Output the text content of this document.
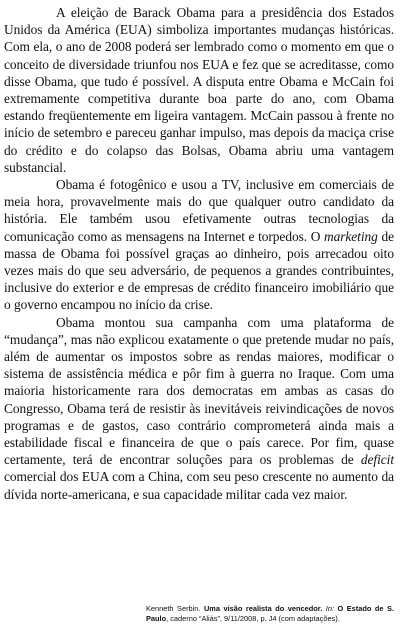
A eleição de Barack Obama para a presidência dos Estados Unidos da América (EUA) simboliza importantes mudanças históricas. Com ela, o ano de 2008 poderá ser lembrado como o momento em que o conceito de diversidade triunfou nos EUA e fez que se acreditasse, como disse Obama, que tudo é possível. A disputa entre Obama e McCain foi extremamente competitiva durante boa parte do ano, com Obama estando freqüentemente em ligeira vantagem. McCain passou à frente no início de setembro e pareceu ganhar impulso, mas depois da maciça crise do crédito e do colapso das Bolsas, Obama abriu uma vantagem substancial.

Obama é fotogênico e usou a TV, inclusive em comerciais de meia hora, provavelmente mais do que qualquer outro candidato da história. Ele também usou efetivamente outras tecnologias da comunicação como as mensagens na Internet e torpedos. O marketing de massa de Obama foi possível graças ao dinheiro, pois arrecadou oito vezes mais do que seu adversário, de pequenos a grandes contribuintes, inclusive do exterior e de empresas de crédito financeiro imobiliário que o governo encampou no início da crise.

Obama montou sua campanha com uma plataforma de “mudança”, mas não explicou exatamente o que pretende mudar no país, além de aumentar os impostos sobre as rendas maiores, modificar o sistema de assistência médica e pôr fim à guerra no Iraque. Com uma maioria historicamente rara dos democratas em ambas as casas do Congresso, Obama terá de resistir às inevitáveis reivindicações de novos programas e de gastos, caso contrário comprometerá ainda mais a estabilidade fiscal e financeira de que o país carece. Por fim, quase certamente, terá de encontrar soluções para os problemas de deficit comercial dos EUA com a China, com seu peso crescente no aumento da dívida norte-americana, e sua capacidade militar cada vez maior.

Kenneth Serbin. Uma visão realista do vencedor. In: O Estado de S. Paulo, caderno “Aliás”, 9/11/2008, p. J4 (com adaptações).
